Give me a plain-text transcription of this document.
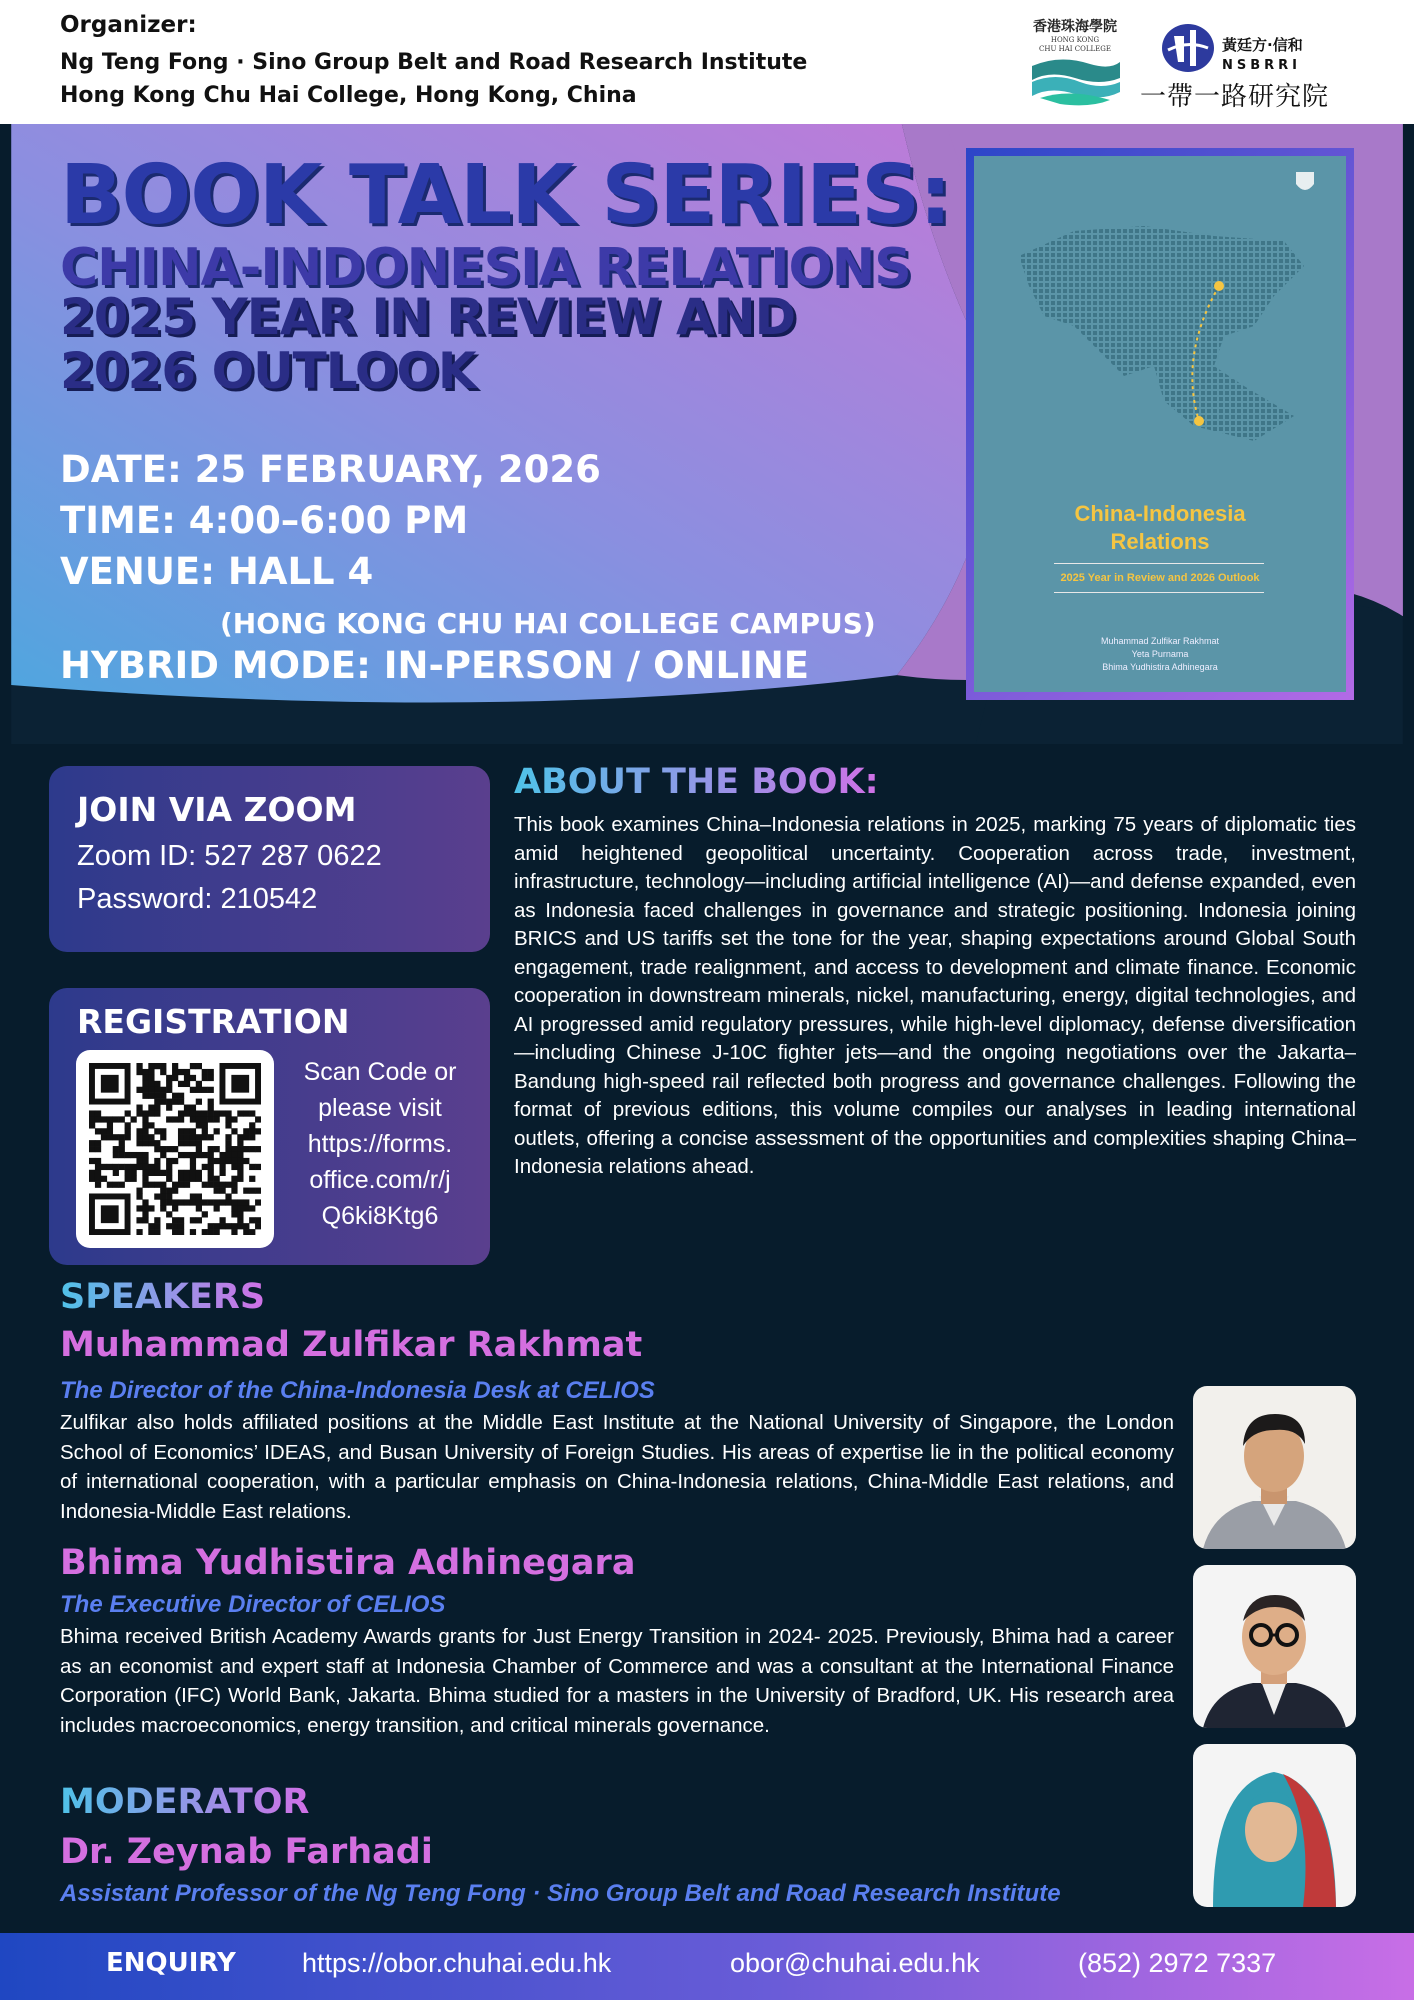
Organizer:
Ng Teng Fong · Sino Group Belt and Road Research Institute
Hong Kong Chu Hai College, Hong Kong, China
香港珠海學院
HONG KONG
CHU HAI COLLEGE	黃廷方·信和
NSBRRI
一帶一路研究院
BOOK TALK SERIES:
CHINA-INDONESIA RELATIONS
2025 YEAR IN REVIEW AND
2026 OUTLOOK
DATE: 25 FEBRUARY, 2026
TIME: 4:00–6:00 PM
VENUE: HALL 4
(HONG KONG CHU HAI COLLEGE CAMPUS)
HYBRID MODE: IN-PERSON / ONLINE
China-Indonesia
Relations
2025 Year in Review and 2026 Outlook
Muhammad Zulfikar Rakhmat
Yeta Purnama
Bhima Yudhistira Adhinegara
JOIN VIA ZOOM
Zoom ID: 527 287 0622
Password: 210542
REGISTRATION
Scan Code or
please visit
https://forms.
office.com/r/j
Q6ki8Ktg6
ABOUT THE BOOK:
This book examines China–Indonesia relations in 2025, marking 75 years of diplomatic ties amid heightened geopolitical uncertainty. Cooperation across trade, investment, infrastructure, technology—including artificial intelligence (AI)—and defense expanded, even as Indonesia faced challenges in governance and strategic positioning. Indonesia joining BRICS and US tariffs set the tone for the year, shaping expectations around Global South engagement, trade realignment, and access to development and climate finance. Economic cooperation in downstream minerals, nickel, manufacturing, energy, digital technologies, and AI progressed amid regulatory pressures, while high-level diplomacy, defense diversification—including Chinese J-10C fighter jets—and the ongoing negotiations over the Jakarta–Bandung high-speed rail reflected both progress and governance challenges. Following the format of previous editions, this volume compiles our analyses in leading international outlets, offering a concise assessment of the opportunities and complexities shaping China–Indonesia relations ahead.
SPEAKERS
Muhammad Zulfikar Rakhmat
The Director of the China-Indonesia Desk at CELIOS
Zulfikar also holds affiliated positions at the Middle East Institute at the National University of Singapore, the London School of Economics’ IDEAS, and Busan University of Foreign Studies. His areas of expertise lie in the political economy of international cooperation, with a particular emphasis on China-Indonesia relations, China-Middle East relations, and Indonesia-Middle East relations.
Bhima Yudhistira Adhinegara
The Executive Director of CELIOS
Bhima received British Academy Awards grants for Just Energy Transition in 2024- 2025. Previously, Bhima had a career as an economist and expert staff at Indonesia Chamber of Commerce and was a consultant at the International Finance Corporation (IFC) World Bank, Jakarta. Bhima studied for a masters in the University of Bradford, UK. His research area includes macroeconomics, energy transition, and critical minerals governance.
MODERATOR
Dr. Zeynab Farhadi
Assistant Professor of the Ng Teng Fong · Sino Group Belt and Road Research Institute
ENQUIRY https://obor.chuhai.edu.hk	obor@chuhai.edu.hk	(852) 2972 7337
